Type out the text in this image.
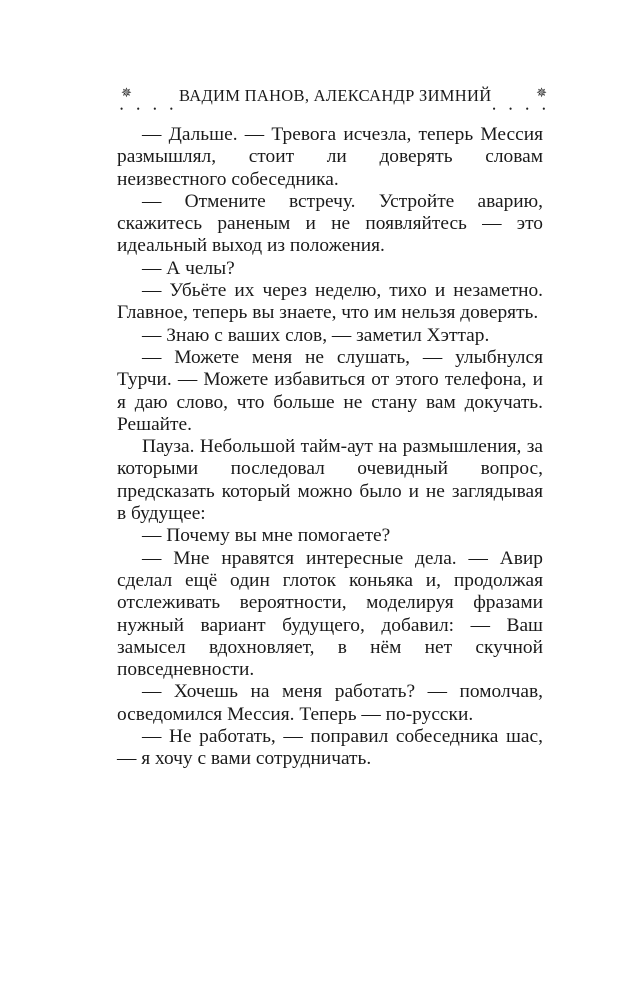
✵
• • • •
ВАДИМ ПАНОВ, АЛЕКСАНДР ЗИМНИЙ	✵
• • • •

— Дальше. — Тревога исчезла, теперь Мессия размышлял, стоит ли доверять словам неизвестного собеседника.

— Отмените встречу. Устройте аварию, скажитесь раненым и не появляйтесь — это идеальный выход из положения.

— А челы?

— Убьёте их через неделю, тихо и незаметно. Главное, теперь вы знаете, что им нельзя доверять.

— Знаю с ваших слов, — заметил Хэттар.

— Можете меня не слушать, — улыбнулся Турчи. — Можете избавиться от этого телефона, и я даю слово, что больше не стану вам докучать. Решайте.

Пауза. Небольшой тайм-аут на размышления, за которыми последовал очевидный вопрос, предсказать который можно было и не заглядывая в будущее:

— Почему вы мне помогаете?

— Мне нравятся интересные дела. — Авир сделал ещё один глоток коньяка и, продолжая отслеживать вероятности, моделируя фразами нужный вариант будущего, добавил: — Ваш замысел вдохновляет, в нём нет скучной повседневности.

— Хочешь на меня работать? — помолчав, осведомился Мессия. Теперь — по-русски.

— Не работать, — поправил собеседника шас, — я хочу с вами сотрудничать.
